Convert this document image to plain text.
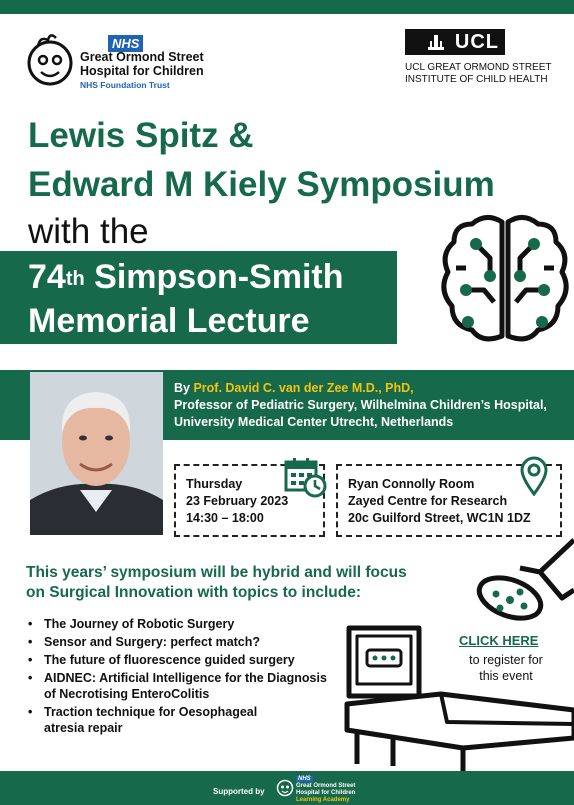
NHS
Great Ormond Street
Hospital for Children
NHS Foundation Trust
UCL
UCL GREAT ORMOND STREET
INSTITUTE OF CHILD HEALTH
Lewis Spitz &
Edward M Kiely Symposium
with the
74th Simpson-Smith
Memorial Lecture
By Prof. David C. van der Zee M.D., PhD,
Professor of Pediatric Surgery, Wilhelmina Children’s Hospital,
University Medical Center Utrecht, Netherlands
Thursday
23 February 2023
14:30 – 18:00
Ryan Connolly Room
Zayed Centre for Research
20c Guilford Street, WC1N 1DZ
This years’ symposium will be hybrid and will focus
on Surgical Innovation with topics to include:
• The Journey of Robotic Surgery
• Sensor and Surgery: perfect match?
• The future of fluorescence guided surgery
• AIDNEC: Artificial Intelligence for the Diagnosis of Necrotising EnteroColitis
• Traction technique for Oesophageal atresia repair
CLICK HERE
to register for
this event
Supported by
NHS
Great Ormond Street
Hospital for Children
Learning Academy
